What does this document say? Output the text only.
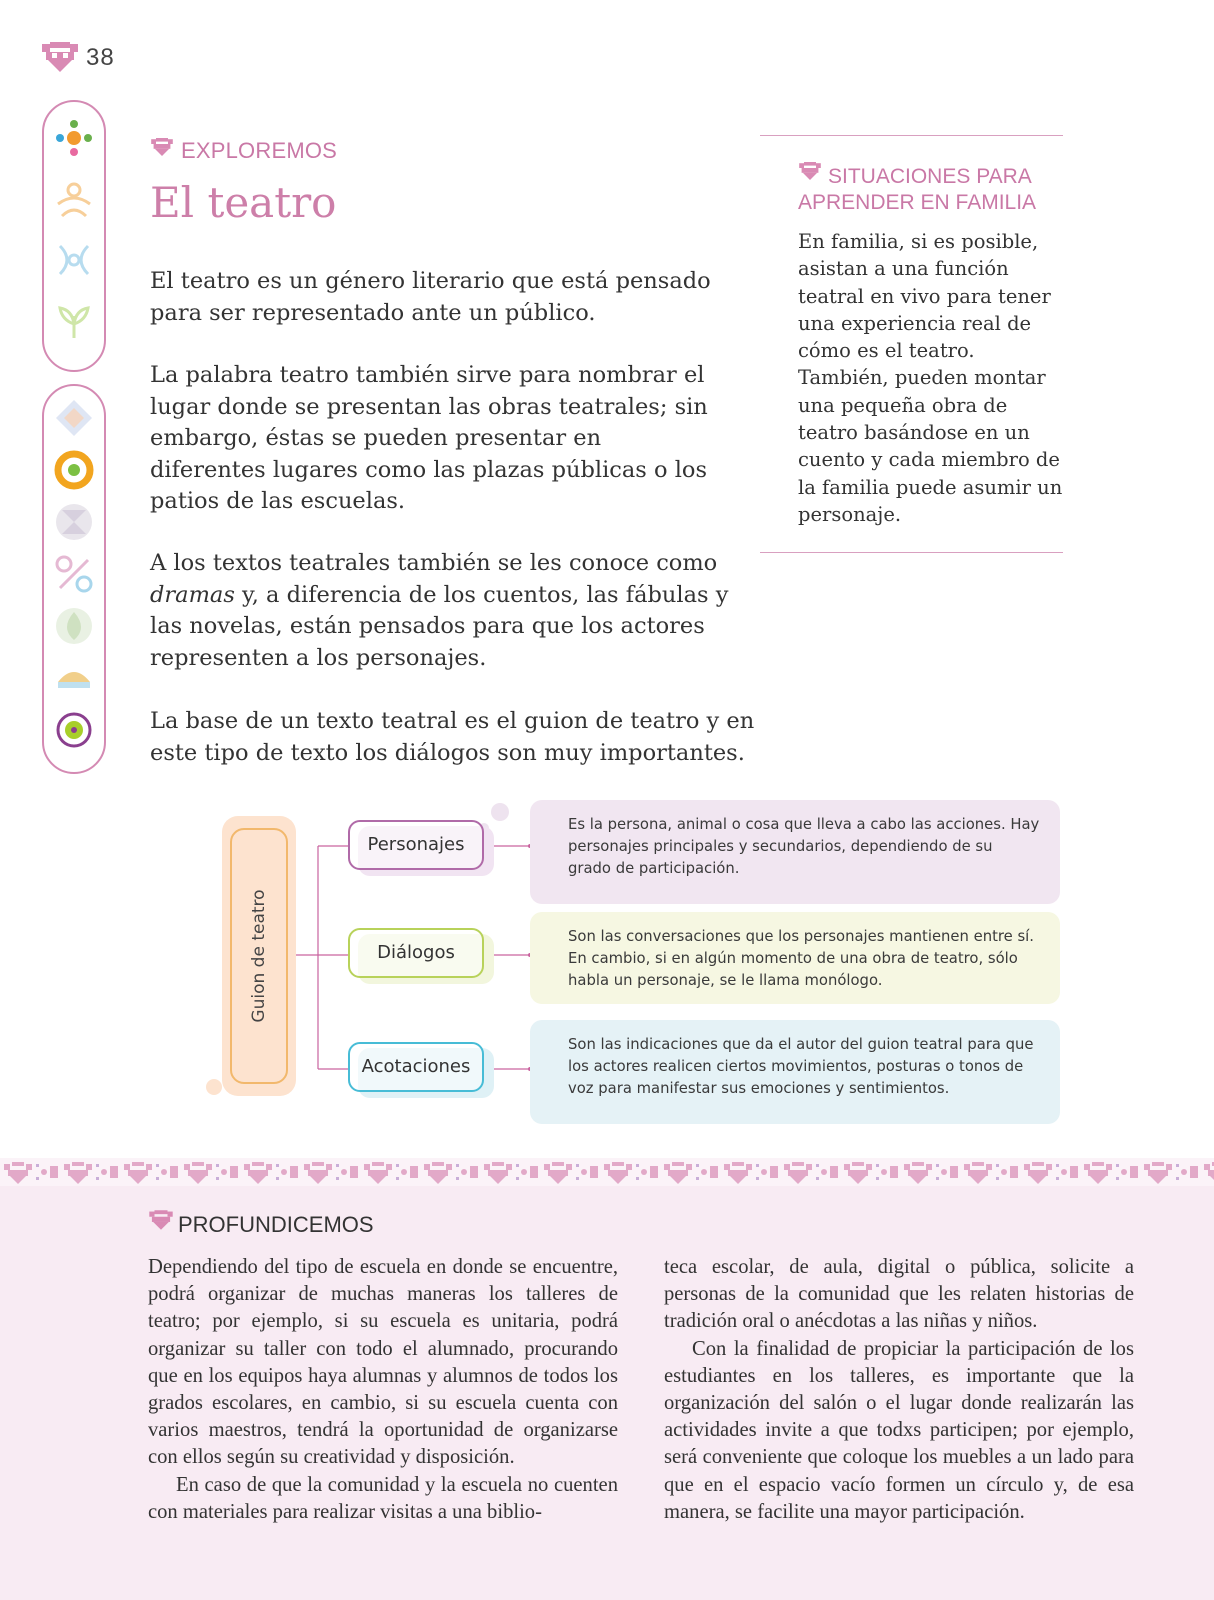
38
EXPLOREMOS
El teatro

El teatro es un género literario que está pensado para ser representado ante un público.

La palabra teatro también sirve para nombrar el lugar donde se presentan las obras teatrales; sin embargo, éstas se pueden presentar en diferentes lugares como las plazas públicas o los patios de las escuelas.

A los textos teatrales también se les conoce como dramas y, a diferencia de los cuentos, las fábulas y las novelas, están pensados para que los actores representen a los personajes.

La base de un texto teatral es el guion de teatro y en este tipo de texto los diálogos son muy importantes.

SITUACIONES PARA
APRENDER EN FAMILIA

En familia, si es posible, asistan a una función teatral en vivo para tener una experiencia real de cómo es el teatro. También, pueden montar una pequeña obra de teatro basándose en un cuento y cada miembro de la familia puede asumir un personaje.

Guion de teatro
Personajes
Diálogos
Acotaciones

Es la persona, animal o cosa que lleva a cabo las acciones. Hay personajes principales y secundarios, dependiendo de su grado de participación.

Son las conversaciones que los personajes mantienen entre sí. En cambio, si en algún momento de una obra de teatro, sólo habla un personaje, se le llama monólogo.

Son las indicaciones que da el autor del guion teatral para que los actores realicen ciertos movimientos, posturas o tonos de voz para manifestar sus emociones y sentimientos.

PROFUNDICEMOS

Dependiendo del tipo de escuela en donde se encuentre, podrá organizar de muchas maneras los talleres de teatro; por ejemplo, si su escuela es unitaria, podrá organizar su taller con todo el alumnado, procurando que en los equipos haya alumnas y alumnos de todos los grados escolares, en cambio, si su escuela cuenta con varios maestros, tendrá la oportunidad de organizarse con ellos según su creatividad y disposición.

En caso de que la comunidad y la escuela no cuenten con materiales para realizar visitas a una biblio-

teca escolar, de aula, digital o pública, solicite a personas de la comunidad que les relaten historias de tradición oral o anécdotas a las niñas y niños.

Con la finalidad de propiciar la participación de los estudiantes en los talleres, es importante que la organización del salón o el lugar donde realizarán las actividades invite a que todxs participen; por ejemplo, será conveniente que coloque los muebles a un lado para que en el espacio vacío formen un círculo y, de esa manera, se facilite una mayor participación.
